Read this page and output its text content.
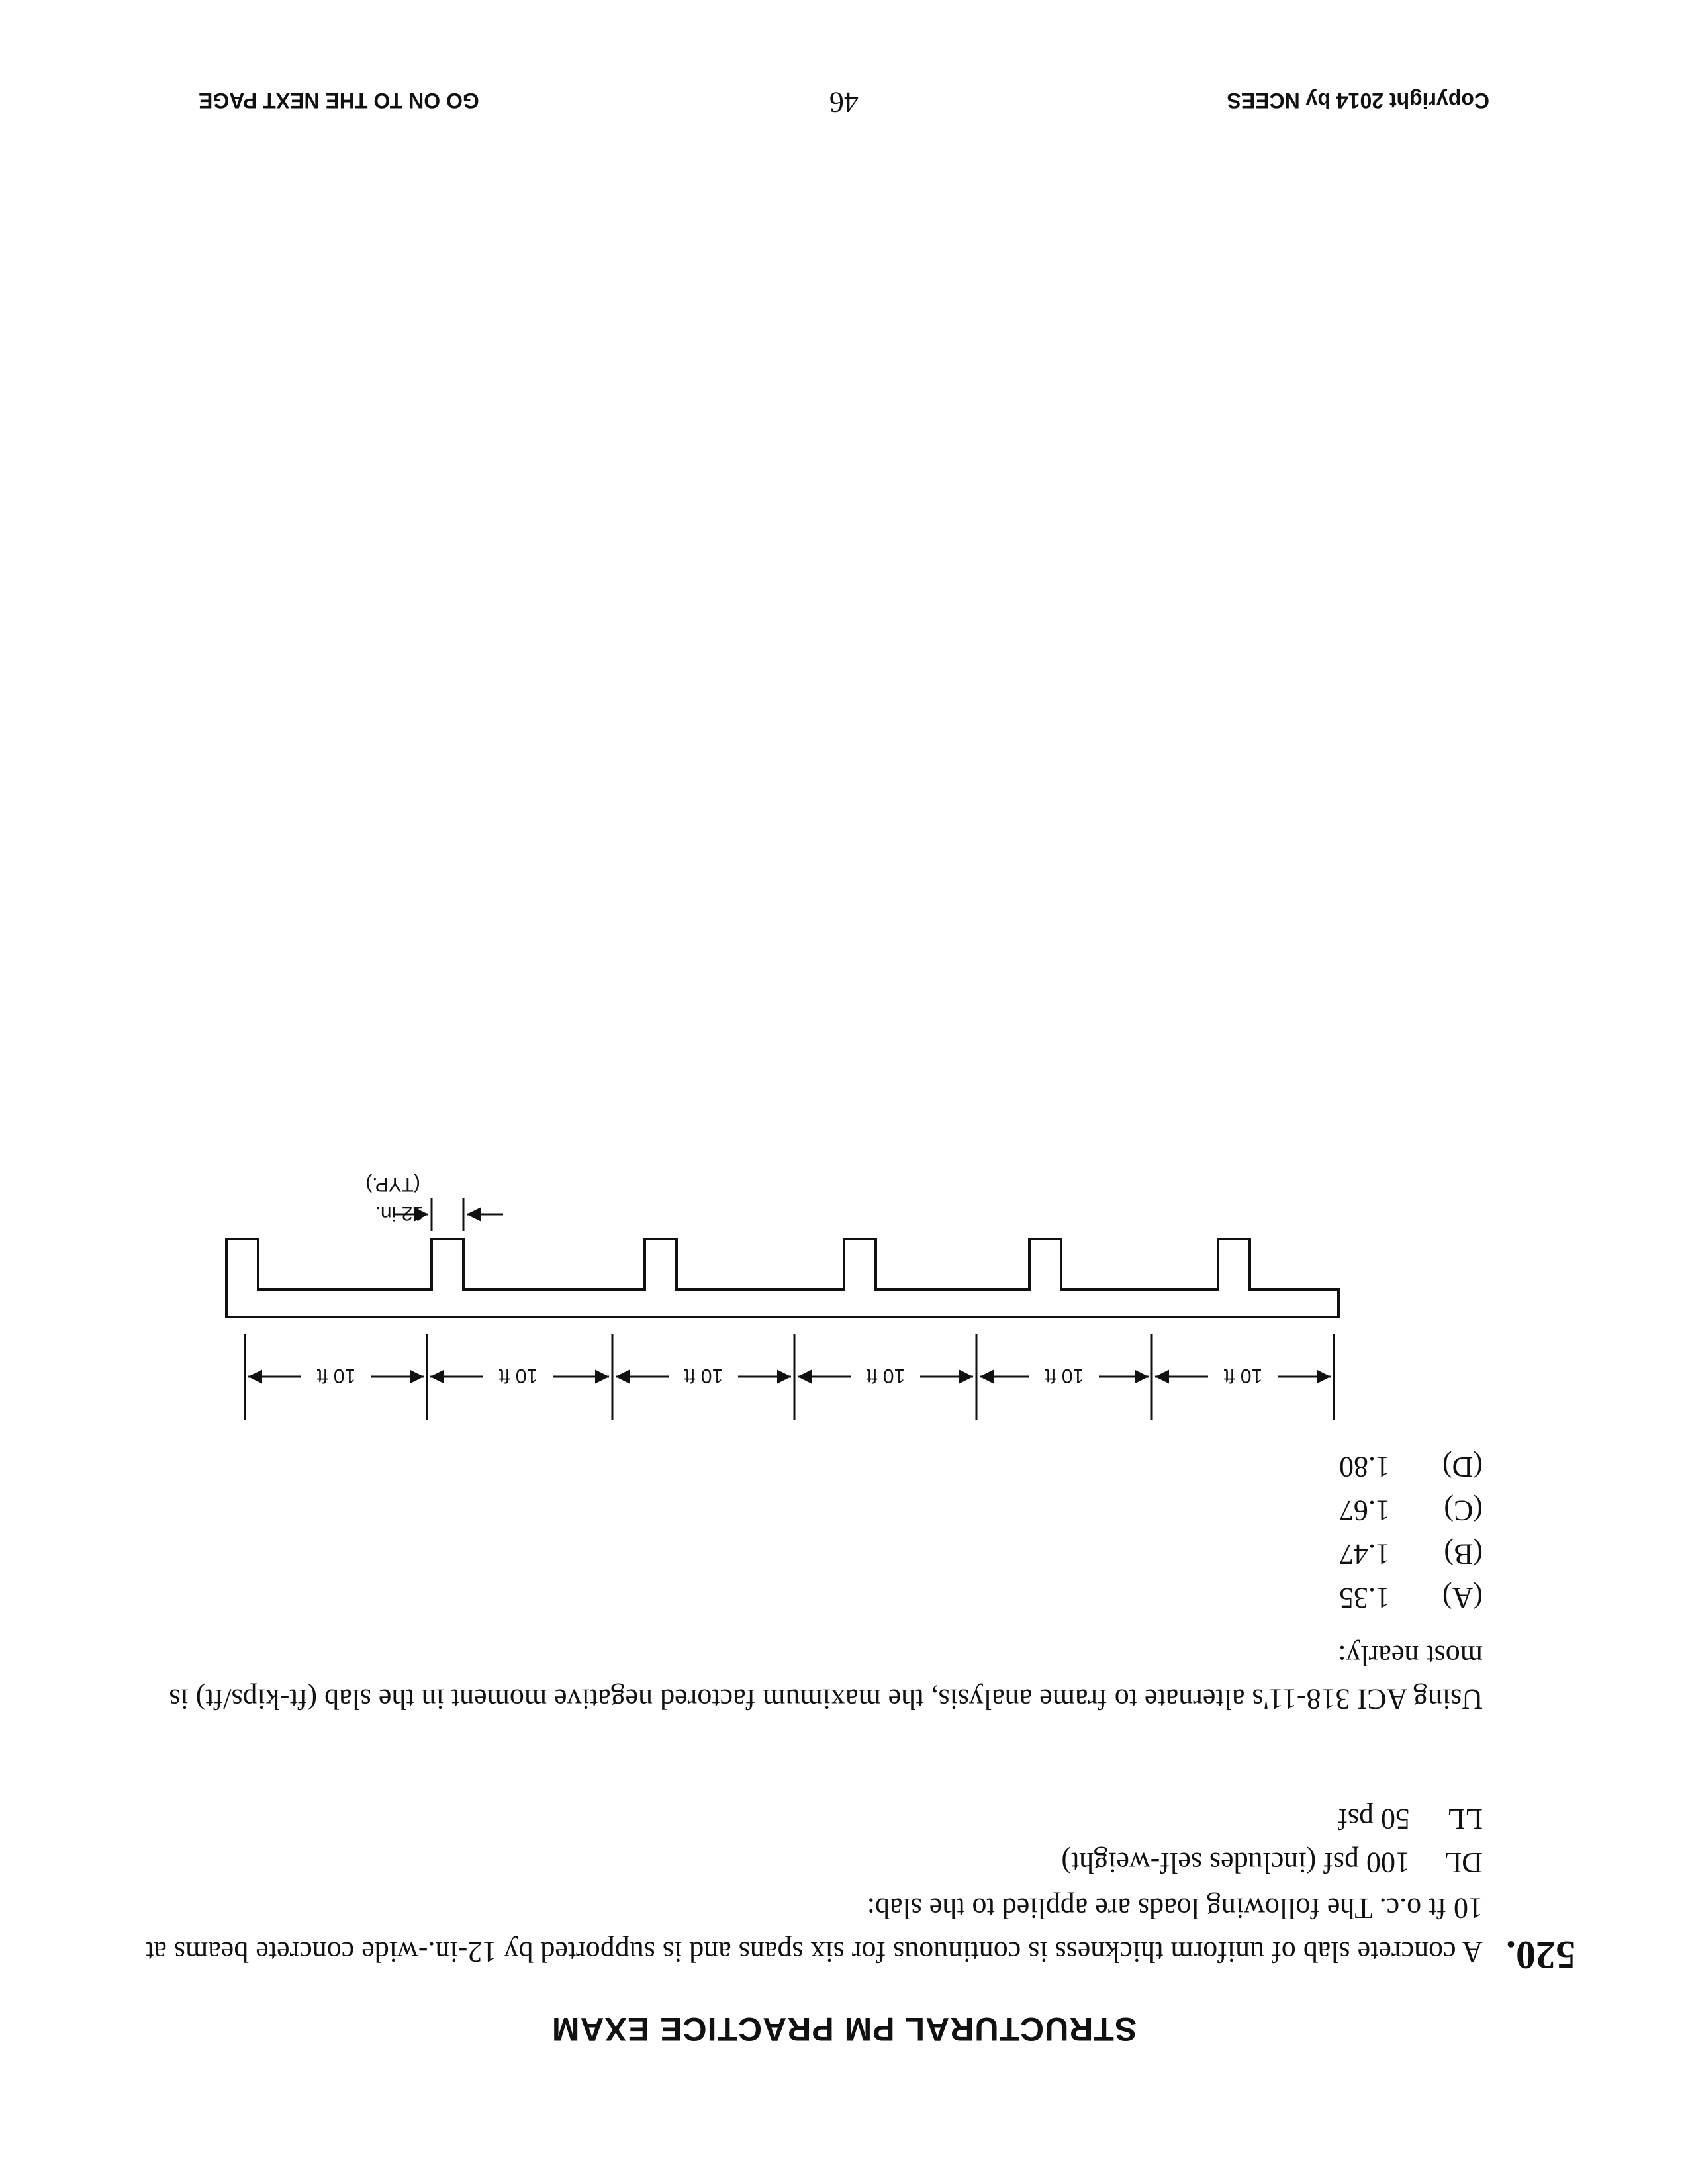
STRUCTURAL PM PRACTICE EXAM
520.
A concrete slab of uniform thickness is continuous for six spans and is supported by 12-in.-wide concrete beams at 10 ft o.c. The following loads are applied to the slab:
DL100 psf (includes self-weight)
LL50 psf
Using ACI 318-11's alternate to frame analysis, the maximum factored negative moment in the slab (ft-kips/ft) is most nearly:
(A)1.35
(B)1.47
(C)1.67
(D)1.80
10 ft
10 ft
10 ft
10 ft
10 ft
10 ft
12 in.
(TYP.)
Copyright 2014 by NCEES
46
GO ON TO THE NEXT PAGE
